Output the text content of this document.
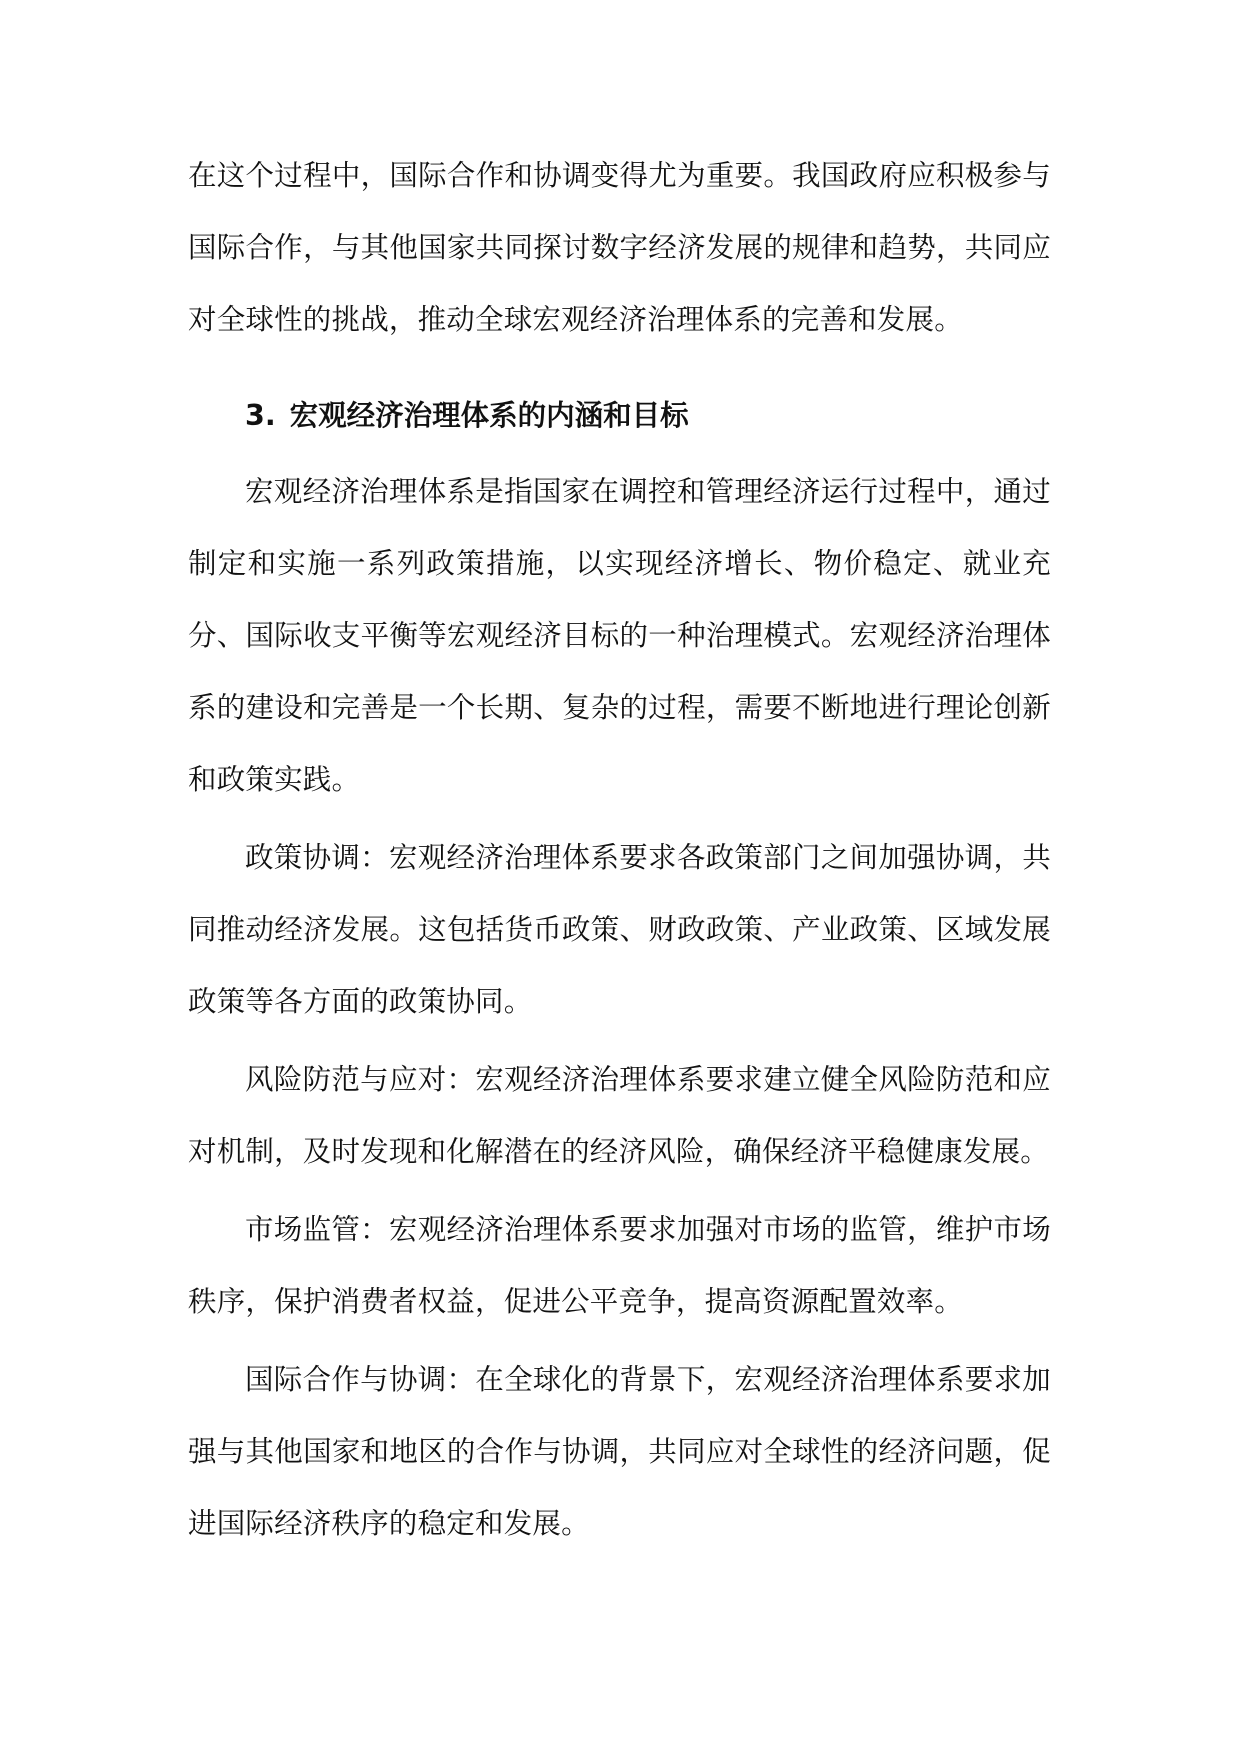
在这个过程中，国际合作和协调变得尤为重要。我国政府应积极参与国际合作，与其他国家共同探讨数字经济发展的规律和趋势，共同应对全球性的挑战，推动全球宏观经济治理体系的完善和发展。

3. 宏观经济治理体系的内涵和目标

宏观经济治理体系是指国家在调控和管理经济运行过程中，通过制定和实施一系列政策措施，以实现经济增长、物价稳定、就业充分、国际收支平衡等宏观经济目标的一种治理模式。宏观经济治理体系的建设和完善是一个长期、复杂的过程，需要不断地进行理论创新和政策实践。

政策协调：宏观经济治理体系要求各政策部门之间加强协调，共同推动经济发展。这包括货币政策、财政政策、产业政策、区域发展政策等各方面的政策协同。

风险防范与应对：宏观经济治理体系要求建立健全风险防范和应对机制，及时发现和化解潜在的经济风险，确保经济平稳健康发展。

市场监管：宏观经济治理体系要求加强对市场的监管，维护市场秩序，保护消费者权益，促进公平竞争，提高资源配置效率。

国际合作与协调：在全球化的背景下，宏观经济治理体系要求加强与其他国家和地区的合作与协调，共同应对全球性的经济问题，促进国际经济秩序的稳定和发展。
